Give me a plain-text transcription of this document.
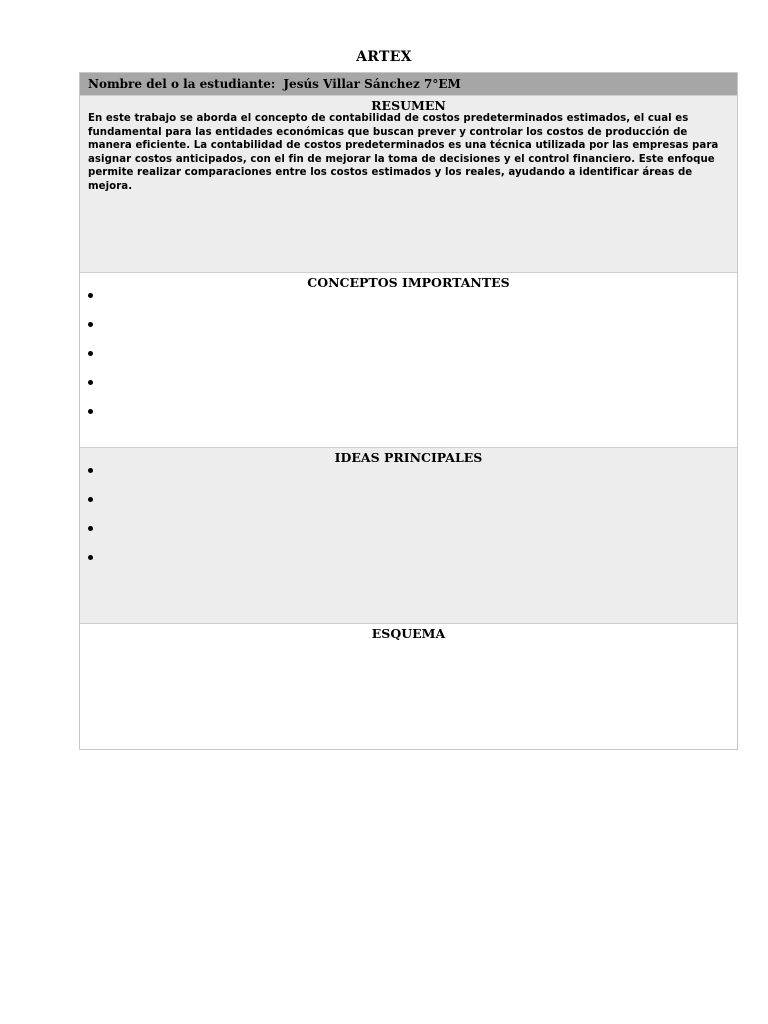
ARTEX
Nombre del o la estudiante: Jesús Villar Sánchez 7°EM
RESUMEN
En este trabajo se aborda el concepto de contabilidad de costos predeterminados estimados, el cual es fundamental para las entidades económicas que buscan prever y controlar los costos de producción de manera eficiente. La contabilidad de costos predeterminados es una técnica utilizada por las empresas para asignar costos anticipados, con el fin de mejorar la toma de decisiones y el control financiero. Este enfoque permite realizar comparaciones entre los costos estimados y los reales, ayudando a identificar áreas de mejora.
CONCEPTOS IMPORTANTES
IDEAS PRINCIPALES
ESQUEMA
